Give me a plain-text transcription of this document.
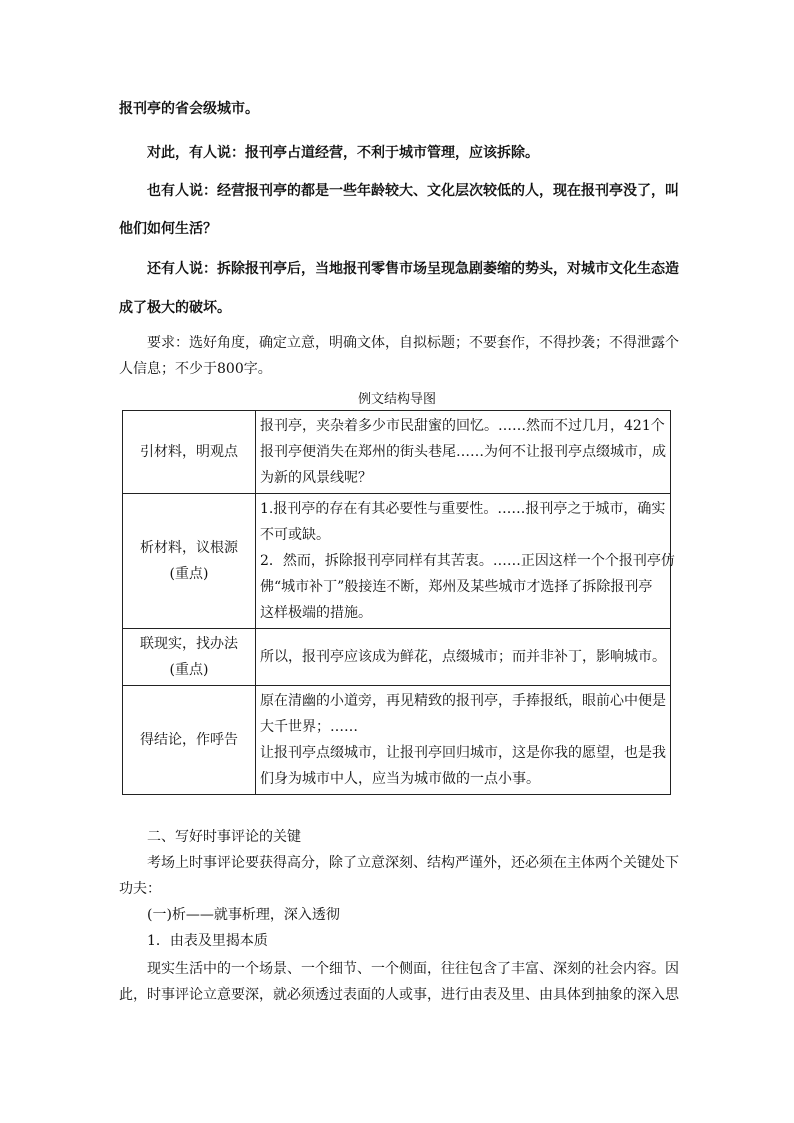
报刊亭的省会级城市。
对此，有人说：报刊亭占道经营，不利于城市管理，应该拆除。
也有人说：经营报刊亭的都是一些年龄较大、文化层次较低的人，现在报刊亭没了，叫
他们如何生活？
还有人说：拆除报刊亭后，当地报刊零售市场呈现急剧萎缩的势头，对城市文化生态造
成了极大的破坏。
要求：选好角度，确定立意，明确文体，自拟标题；不要套作，不得抄袭；不得泄露个
人信息；不少于800字。
例文结构导图
引材料，明观点	报刊亭，夹杂着多少市民甜蜜的回忆。……然而不过几月，421个
报刊亭便消失在郑州的街头巷尾……为何不让报刊亭点缀城市，成
为新的风景线呢？

析材料，议根源
(重点)	1.报刊亭的存在有其必要性与重要性。……报刊亭之于城市，确实
不可或缺。
2．然而，拆除报刊亭同样有其苦衷。……正因这样一个个报刊亭仿
佛“城市补丁”般接连不断，郑州及某些城市才选择了拆除报刊亭
这样极端的措施。

联现实，找办法
(重点)	所以，报刊亭应该成为鲜花，点缀城市；而并非补丁，影响城市。

得结论，作呼告	原在清幽的小道旁，再见精致的报刊亭，手捧报纸，眼前心中便是
大千世界；……
让报刊亭点缀城市，让报刊亭回归城市，这是你我的愿望，也是我
们身为城市中人，应当为城市做的一点小事。
二、写好时事评论的关键
考场上时事评论要获得高分，除了立意深刻、结构严谨外，还必须在主体两个关键处下
功夫：
(一)析——就事析理，深入透彻
1．由表及里揭本质
现实生活中的一个场景、一个细节、一个侧面，往往包含了丰富、深刻的社会内容。因
此，时事评论立意要深，就必须透过表面的人或事，进行由表及里、由具体到抽象的深入思
